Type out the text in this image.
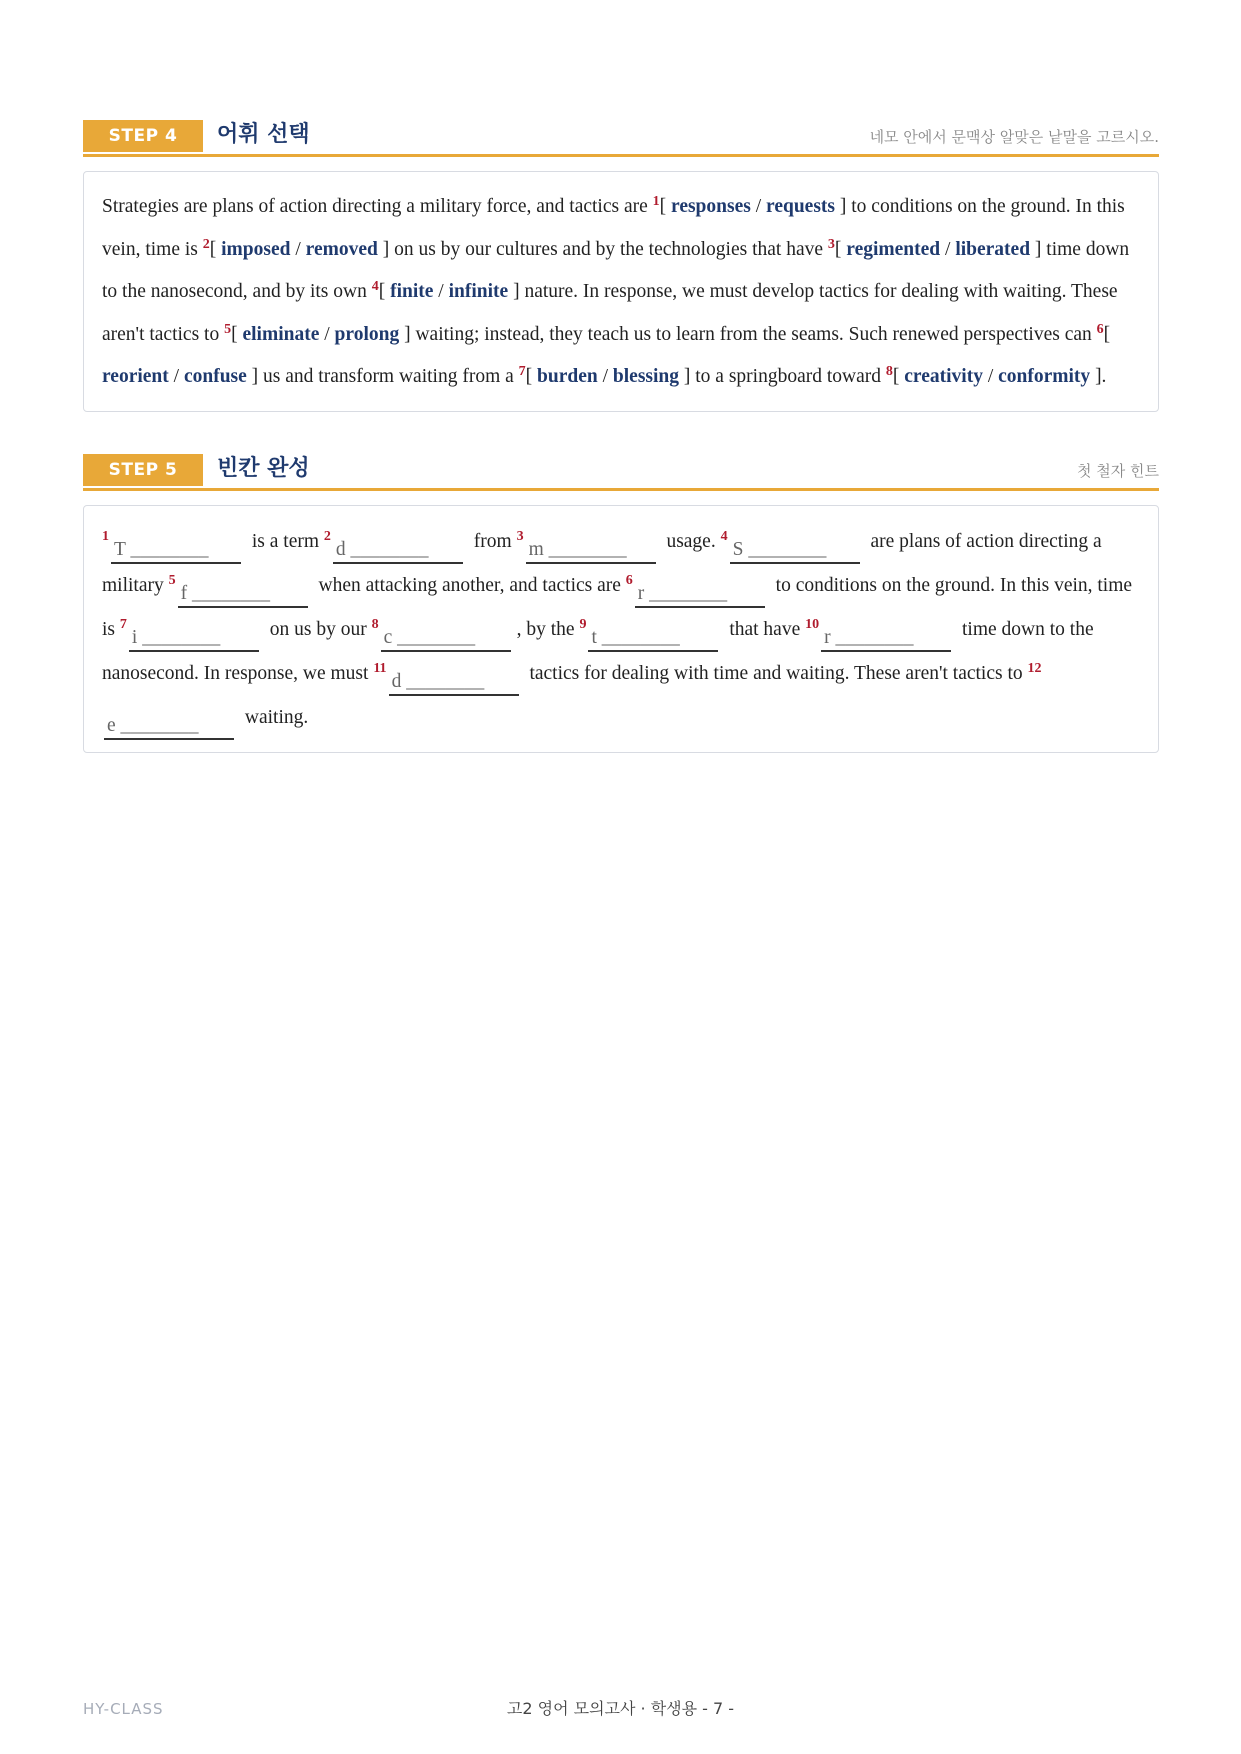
STEP 4	어휘 선택	네모 안에서 문맥상 알맞은 낱말을 고르시오.
Strategies are plans of action directing a military force, and tactics are $^1$[ responses / requests ] to conditions on the ground. In this vein, time is $^2$[ imposed / removed ] on us by our cultures and by the technologies that have $^3$[ regimented / liberated ] time down to the nanosecond, and by its own $^4$[ finite / infinite ] nature. In response, we must develop tactics for dealing with waiting. These aren't tactics to $^5$[ eliminate / prolong ] waiting; instead, they teach us to learn from the seams. Such renewed perspectives can $^6$[ reorient / confuse ] us and transform waiting from a $^7$[ burden / blessing ] to a springboard toward $^8$[ creativity / conformity ].
STEP 5	빈칸 완성	첫 철자 힌트
$^1$T ________ is a term $^2$d ________ from $^3$m ________ usage. $^4$S ________ are plans of action directing a military $^5$f ________ when attacking another, and tactics are $^6$r ________ to conditions on the ground. In this vein, time is $^7$i ________ on us by our $^8$c ________ , by the $^9$t ________ that have $^{10}$r ________ time down to the nanosecond. In response, we must $^{11}$d ________ tactics for dealing with time and waiting. These aren't tactics to $^{12}$e ________ waiting.
HY-CLASS	고2 영어 모의고사 · 학생용 - 7 -
